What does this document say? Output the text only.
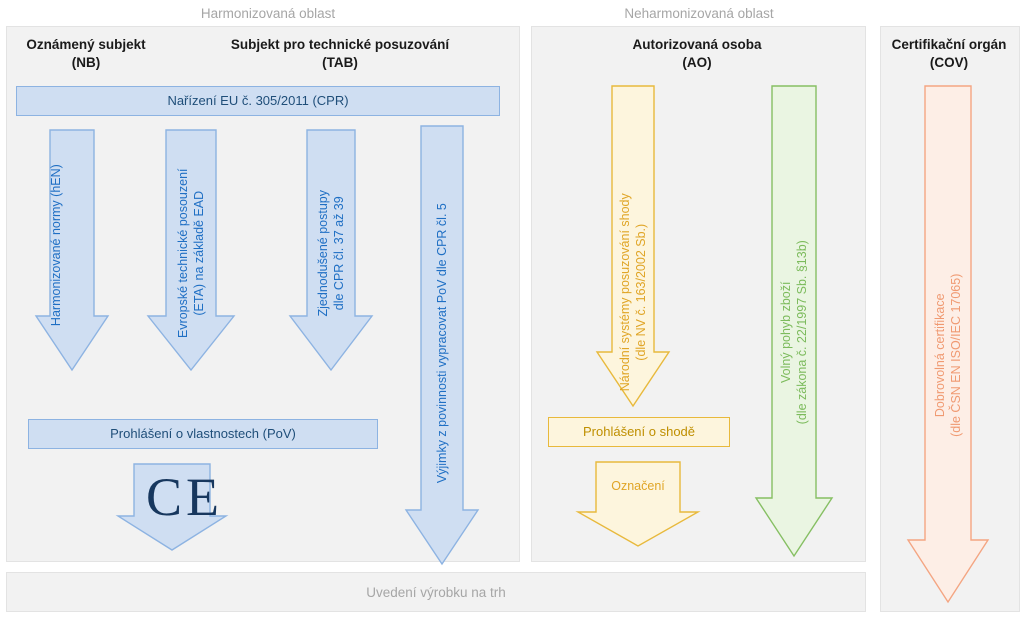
Harmonizovaná oblast	Neharmonizovaná oblast
Oznámený subjekt
(NB)
Subjekt pro technické posuzování
(TAB)
Autorizovaná osoba
(AO)
Certifikační orgán
(COV)
Nařízení EU č. 305/2011 (CPR)
Harmonizované normy (hEN)	Evropské technické posouzení
(ETA) na základě EAD
Zjednodušené postupy
dle CPR čl. 37 až 39	Výjimky z povinnosti vypracovat PoV dle CPR čl. 5
Prohlášení o vlastnostech (PoV)
CE
Národní systémy posuzování shody
(dle NV č. 163/2002 Sb.)
Prohlášení o shodě
Označení
Volný pohyb zboží
(dle zákona č. 22/1997 Sb. §13b)
Dobrovolná certifikace
(dle ČSN EN ISO/IEC 17065)
Uvedení výrobku na trh
